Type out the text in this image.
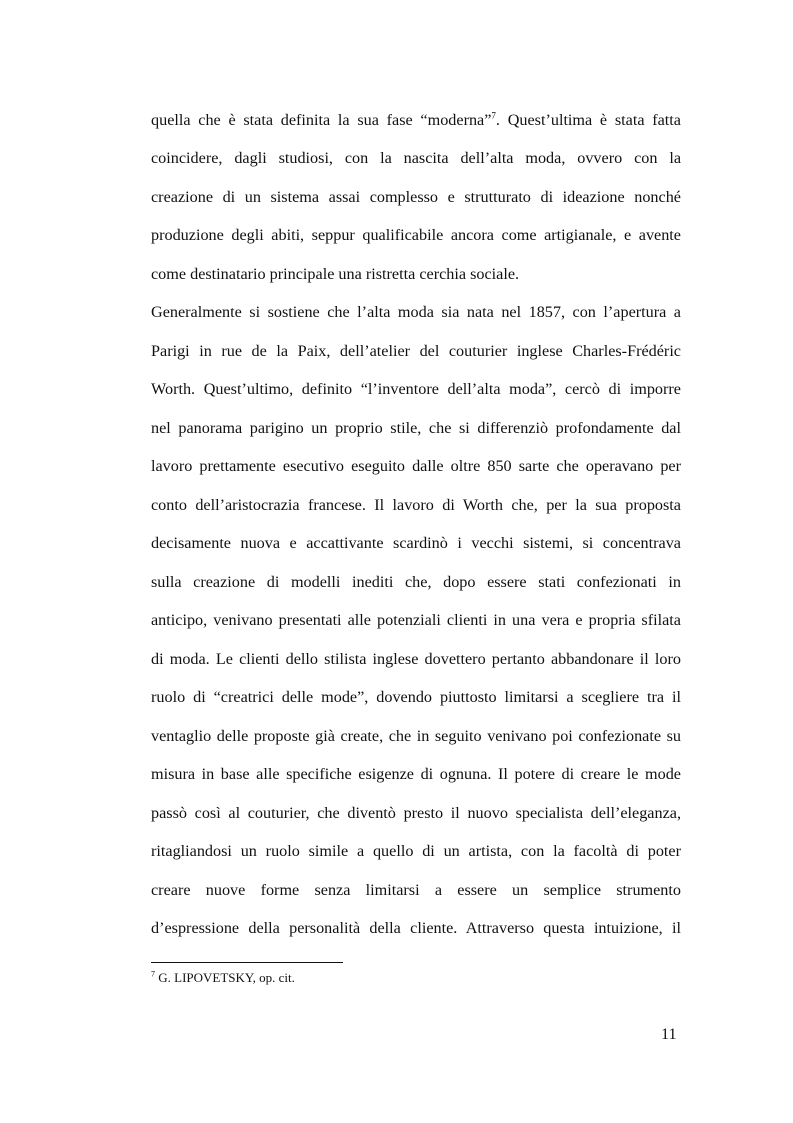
quella che è stata definita la sua fase “moderna”$^7$. Quest’ultima è stata fatta
coincidere, dagli studiosi, con la nascita dell’alta moda, ovvero con la
creazione di un sistema assai complesso e strutturato di ideazione nonché
produzione degli abiti, seppur qualificabile ancora come artigianale, e avente
come destinatario principale una ristretta cerchia sociale.
Generalmente si sostiene che l’alta moda sia nata nel 1857, con l’apertura a
Parigi in rue de la Paix, dell’atelier del couturier inglese Charles-Frédéric
Worth. Quest’ultimo, definito “l’inventore dell’alta moda”, cercò di imporre
nel panorama parigino un proprio stile, che si differenziò profondamente dal
lavoro prettamente esecutivo eseguito dalle oltre 850 sarte che operavano per
conto dell’aristocrazia francese. Il lavoro di Worth che, per la sua proposta
decisamente nuova e accattivante scardinò i vecchi sistemi, si concentrava
sulla creazione di modelli inediti che, dopo essere stati confezionati in
anticipo, venivano presentati alle potenziali clienti in una vera e propria sfilata
di moda. Le clienti dello stilista inglese dovettero pertanto abbandonare il loro
ruolo di “creatrici delle mode”, dovendo piuttosto limitarsi a scegliere tra il
ventaglio delle proposte già create, che in seguito venivano poi confezionate su
misura in base alle specifiche esigenze di ognuna. Il potere di creare le mode
passò così al couturier, che diventò presto il nuovo specialista dell’eleganza,
ritagliandosi un ruolo simile a quello di un artista, con la facoltà di poter
creare nuove forme senza limitarsi a essere un semplice strumento
d’espressione della personalità della cliente. Attraverso questa intuizione, il
$^7$ G. LIPOVETSKY, op. cit.
11
